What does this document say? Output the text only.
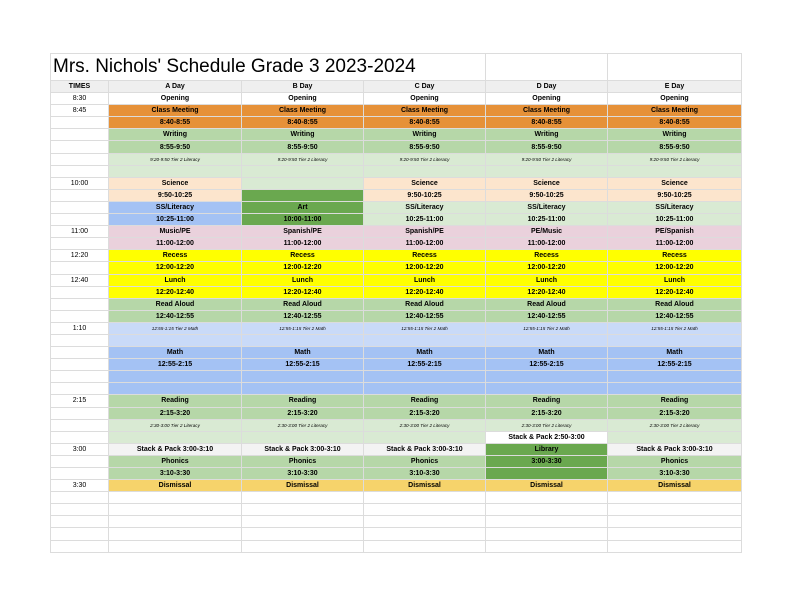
Mrs. Nichols' Schedule Grade 3 2023-2024					
TIMES	A Day	B Day	C Day	D Day	E Day
8:30	Opening	Opening	Opening	Opening	Opening
8:45	Class Meeting	Class Meeting	Class Meeting	Class Meeting	Class Meeting
	8:40-8:55	8:40-8:55	8:40-8:55	8:40-8:55	8:40-8:55
	Writing	Writing	Writing	Writing	Writing
	8:55-9:50	8:55-9:50	8:55-9:50	8:55-9:50	8:55-9:50
	9:20-9:50 Tier 2 Literacy	9:20-9:50 Tier 2 Literacy	9:20-9:50 Tier 2 Literacy	9:20-9:50 Tier 2 Literacy	9:20-9:50 Tier 2 Literacy

10:00	Science		Science	Science	Science
	9:50-10:25		9:50-10:25	9:50-10:25	9:50-10:25
	SS/Literacy	Art	SS/Literacy	SS/Literacy	SS/Literacy
	10:25-11:00	10:00-11:00	10:25-11:00	10:25-11:00	10:25-11:00
11:00	Music/PE	Spanish/PE	Spanish/PE	PE/Music	PE/Spanish
	11:00-12:00	11:00-12:00	11:00-12:00	11:00-12:00	11:00-12:00
12:20	Recess	Recess	Recess	Recess	Recess
	12:00-12:20	12:00-12:20	12:00-12:20	12:00-12:20	12:00-12:20
12:40	Lunch	Lunch	Lunch	Lunch	Lunch
	12:20-12:40	12:20-12:40	12:20-12:40	12:20-12:40	12:20-12:40
	Read Aloud	Read Aloud	Read Aloud	Read Aloud	Read Aloud
	12:40-12:55	12:40-12:55	12:40-12:55	12:40-12:55	12:40-12:55
1:10	12:55-1:15 Tier 2 Math	12:55-1:15 Tier 2 Math	12:55-1:15 Tier 2 Math	12:55-1:15 Tier 2 Math	12:55-1:15 Tier 2 Math

	Math	Math	Math	Math	Math
	12:55-2:15	12:55-2:15	12:55-2:15	12:55-2:15	12:55-2:15

2:15	Reading	Reading	Reading	Reading	Reading
	2:15-3:20	2:15-3:20	2:15-3:20	2:15-3:20	2:15-3:20
	2:30-3:00 Tier 2 Literacy	2:30-3:00 Tier 2 Literacy	2:30-3:00 Tier 2 Literacy	2:30-3:00 Tier 2 Literacy	2:30-3:00 Tier 2 Literacy
				Stack & Pack 2:50-3:00	
3:00	Stack & Pack 3:00-3:10	Stack & Pack 3:00-3:10	Stack & Pack 3:00-3:10	Library	Stack & Pack 3:00-3:10
	Phonics	Phonics	Phonics	3:00-3:30	Phonics
	3:10-3:30	3:10-3:30	3:10-3:30		3:10-3:30
3:30	Dismissal	Dismissal	Dismissal	Dismissal	Dismissal
